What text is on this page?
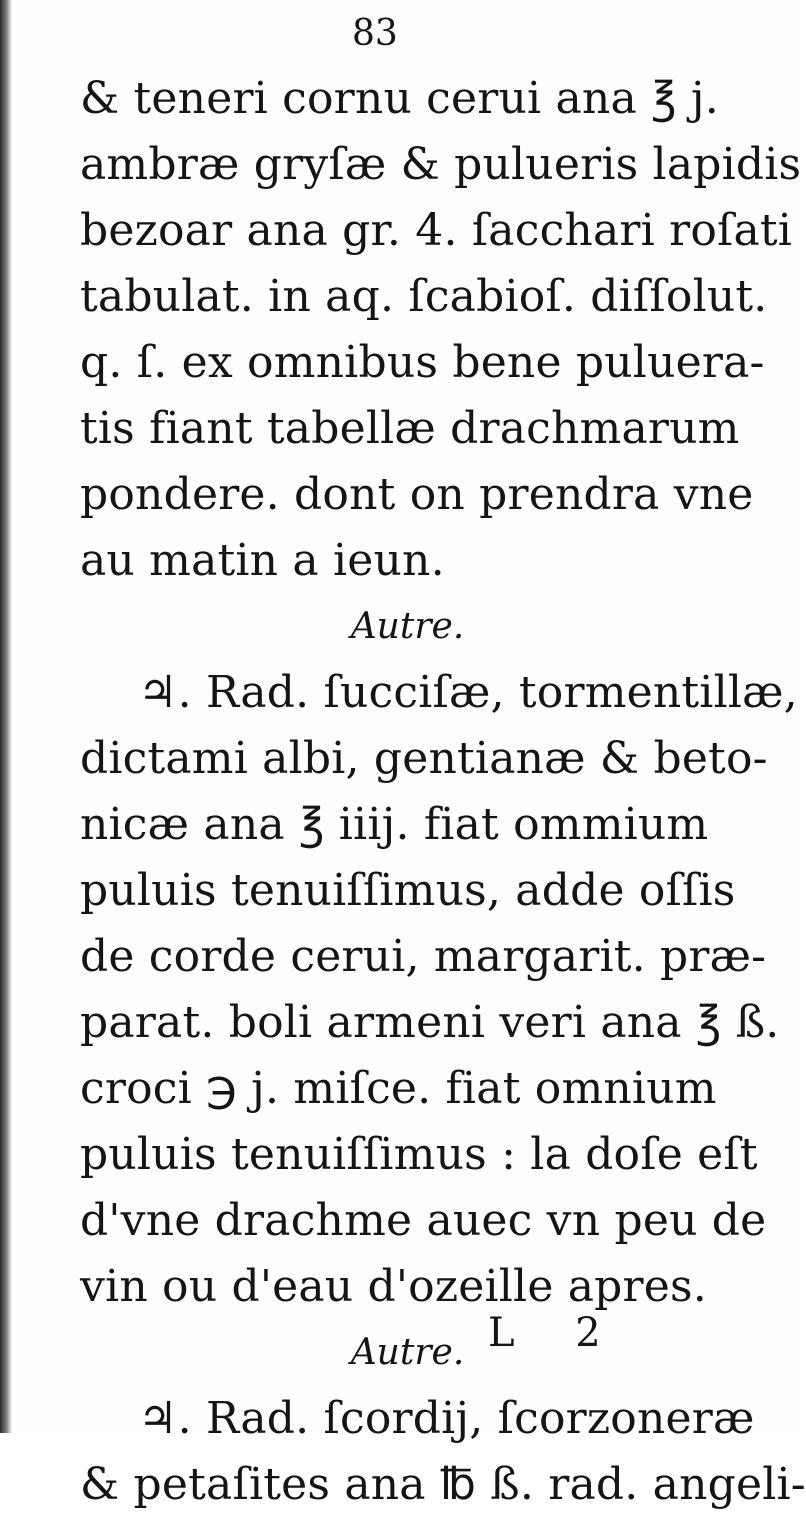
83
& teneri cornu cerui ana ℥ j.
ambræ gryſæ & pulueris lapidis
bezoar ana gr. 4. ſacchari roſati
tabulat. in aq. ſcabioſ. diſſolut.
q. ſ. ex omnibus bene puluera-
tis fiant tabellæ drachmarum
pondere. dont on prendra vne
au matin a ieun.
Autre.
♃. Rad. ſucciſæ, tormentillæ,
dictami albi, gentianæ & beto-
nicæ ana ℥ iiij. fiat ommium
puluis tenuiſſimus, adde oſſis
de corde cerui, margarit. præ-
parat. boli armeni veri ana ℥ ß.
croci ℈ j. miſce. fiat omnium
puluis tenuiſſimus : la doſe eſt
d'vne drachme auec vn peu de
vin ou d'eau d'ozeille apres.
Autre.
♃. Rad. ſcordij, ſcorzoneræ
& petaſites ana ℔ ß. rad. angeli-
L 2
